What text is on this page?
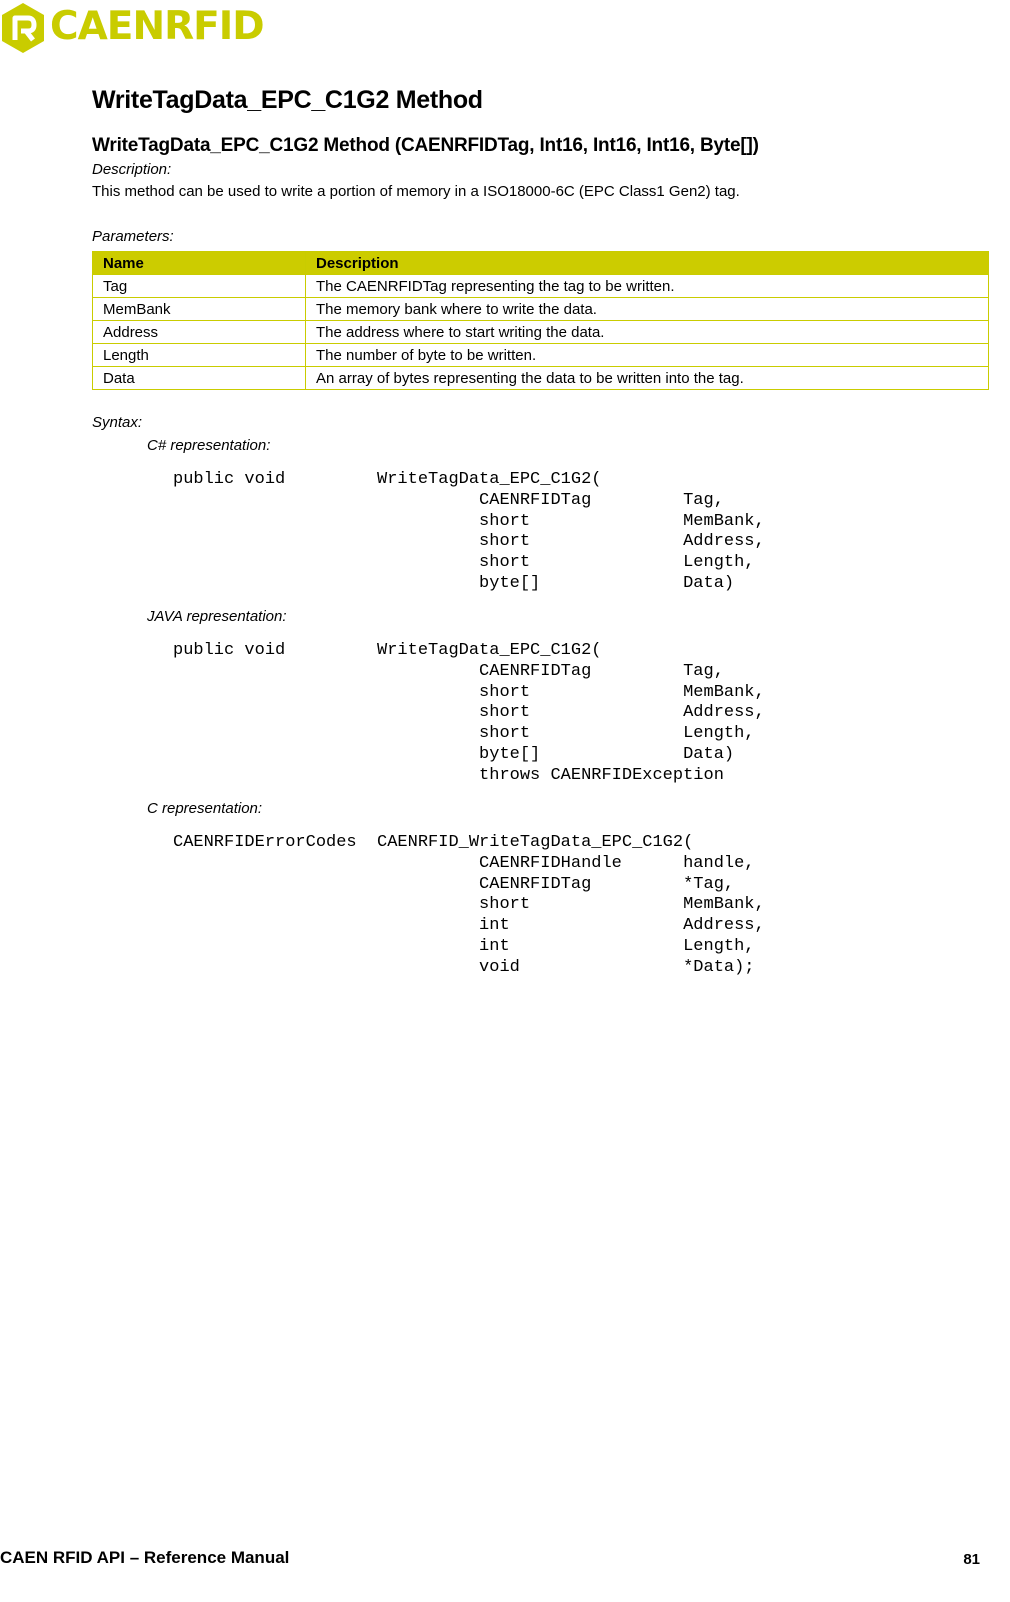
CAENRFID
WriteTagData_EPC_C1G2 Method
WriteTagData_EPC_C1G2 Method (CAENRFIDTag, Int16, Int16, Int16, Byte[])
Description:
This method can be used to write a portion of memory in a ISO18000-6C (EPC Class1 Gen2) tag.
Parameters:
Name	Description
Tag	The CAENRFIDTag representing the tag to be written.
MemBank	The memory bank where to write the data.
Address	The address where to start writing the data.
Length	The number of byte to be written.
Data	An array of bytes representing the data to be written into the tag.
Syntax:
C# representation:
public void         WriteTagData_EPC_C1G2(
CAENRFIDTag         Tag,
short               MemBank,
short               Address,
short               Length,
byte[]              Data)
JAVA representation:
public void         WriteTagData_EPC_C1G2(
CAENRFIDTag         Tag,
short               MemBank,
short               Address,
short               Length,
byte[]              Data)
throws CAENRFIDException
C representation:
CAENRFIDErrorCodes  CAENRFID_WriteTagData_EPC_C1G2(
CAENRFIDHandle      handle,
CAENRFIDTag         *Tag,
short               MemBank,
int                 Address,
int                 Length,
void                *Data);
CAEN RFID API – Reference Manual	81
